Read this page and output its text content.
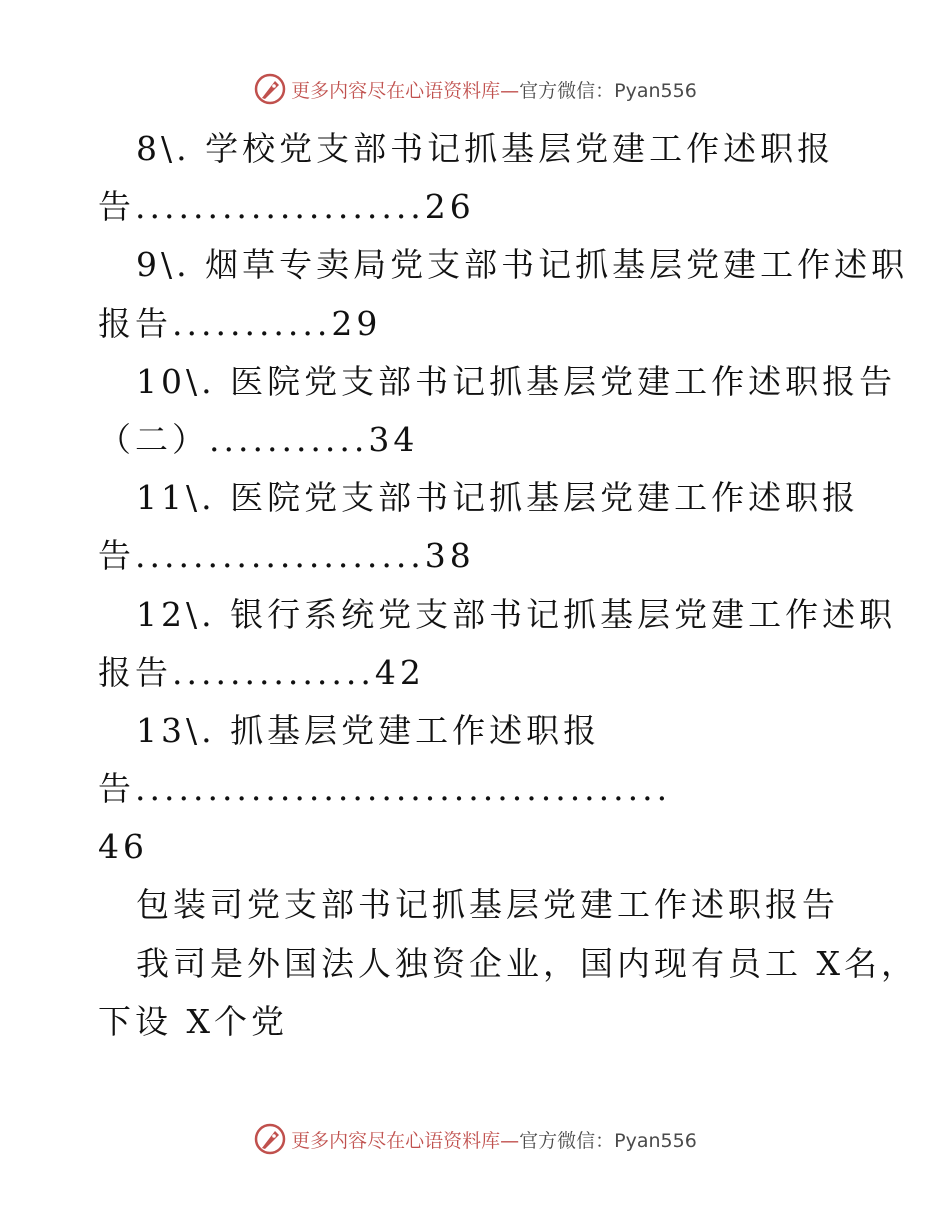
更多内容尽在心语资料库— 官方微信：Pyan556
8\. 学校党支部书记抓基层党建工作述职报
告....................26
9\. 烟草专卖局党支部书记抓基层党建工作述职
报告...........29
10\. 医院党支部书记抓基层党建工作述职报告
（二）...........34
11\. 医院党支部书记抓基层党建工作述职报
告....................38
12\. 银行系统党支部书记抓基层党建工作述职
报告..............42
13\. 抓基层党建工作述职报
告.....................................
46
包装司党支部书记抓基层党建工作述职报告
我司是外国法人独资企业，国内现有员工 X名，
下设 X个党
更多内容尽在心语资料库— 官方微信：Pyan556
